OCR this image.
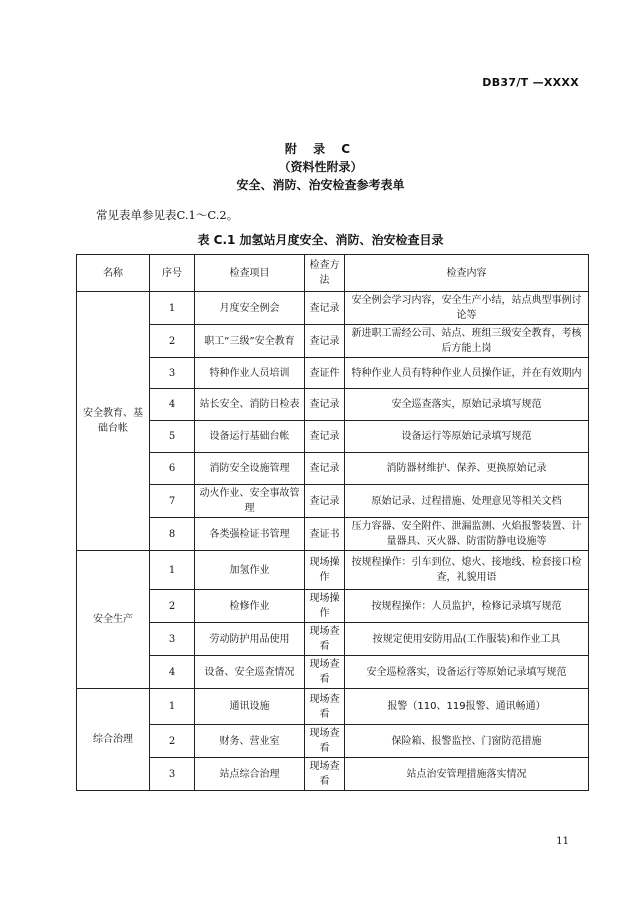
DB37/T —XXXX
附 录 C
（资料性附录）
安全、消防、治安检查参考表单
常见表单参见表C.1～C.2。
表 C.1 加氢站月度安全、消防、治安检查目录
名称	序号	检查项目	检查方法	检查内容
安全教育、基础台帐	1	月度安全例会	查记录	安全例会学习内容，安全生产小结，站点典型事例讨论等
	2	职工“三级”安全教育	查记录	新进职工需经公司、站点、班组三级安全教育，考核后方能上岗
	3	特种作业人员培训	查证件	特种作业人员有特种作业人员操作证，并在有效期内
	4	站长安全、消防日检表	查记录	安全巡查落实，原始记录填写规范
	5	设备运行基础台帐	查记录	设备运行等原始记录填写规范
	6	消防安全设施管理	查记录	消防器材维护、保养、更换原始记录
	7	动火作业、安全事故管理	查记录	原始记录、过程措施、处理意见等相关文档
	8	各类强检证书管理	查证书	压力容器、安全附件、泄漏监测、火焰报警装置、计量器具、灭火器、防雷防静电设施等
安全生产	1	加氢作业	现场操作	按规程操作：引车到位、熄火、接地线、检套接口检查，礼貌用语
	2	检修作业	现场操作	按规程操作：人员监护，检修记录填写规范
	3	劳动防护用品使用	现场查看	按规定使用安防用品(工作服装)和作业工具
	4	设备、安全巡查情况	现场查看	安全巡检落实，设备运行等原始记录填写规范
综合治理	1	通讯设施	现场查看	报警（110、119报警、通讯畅通）
	2	财务、营业室	现场查看	保险箱、报警监控、门窗防范措施
	3	站点综合治理	现场查看	站点治安管理措施落实情况
11
